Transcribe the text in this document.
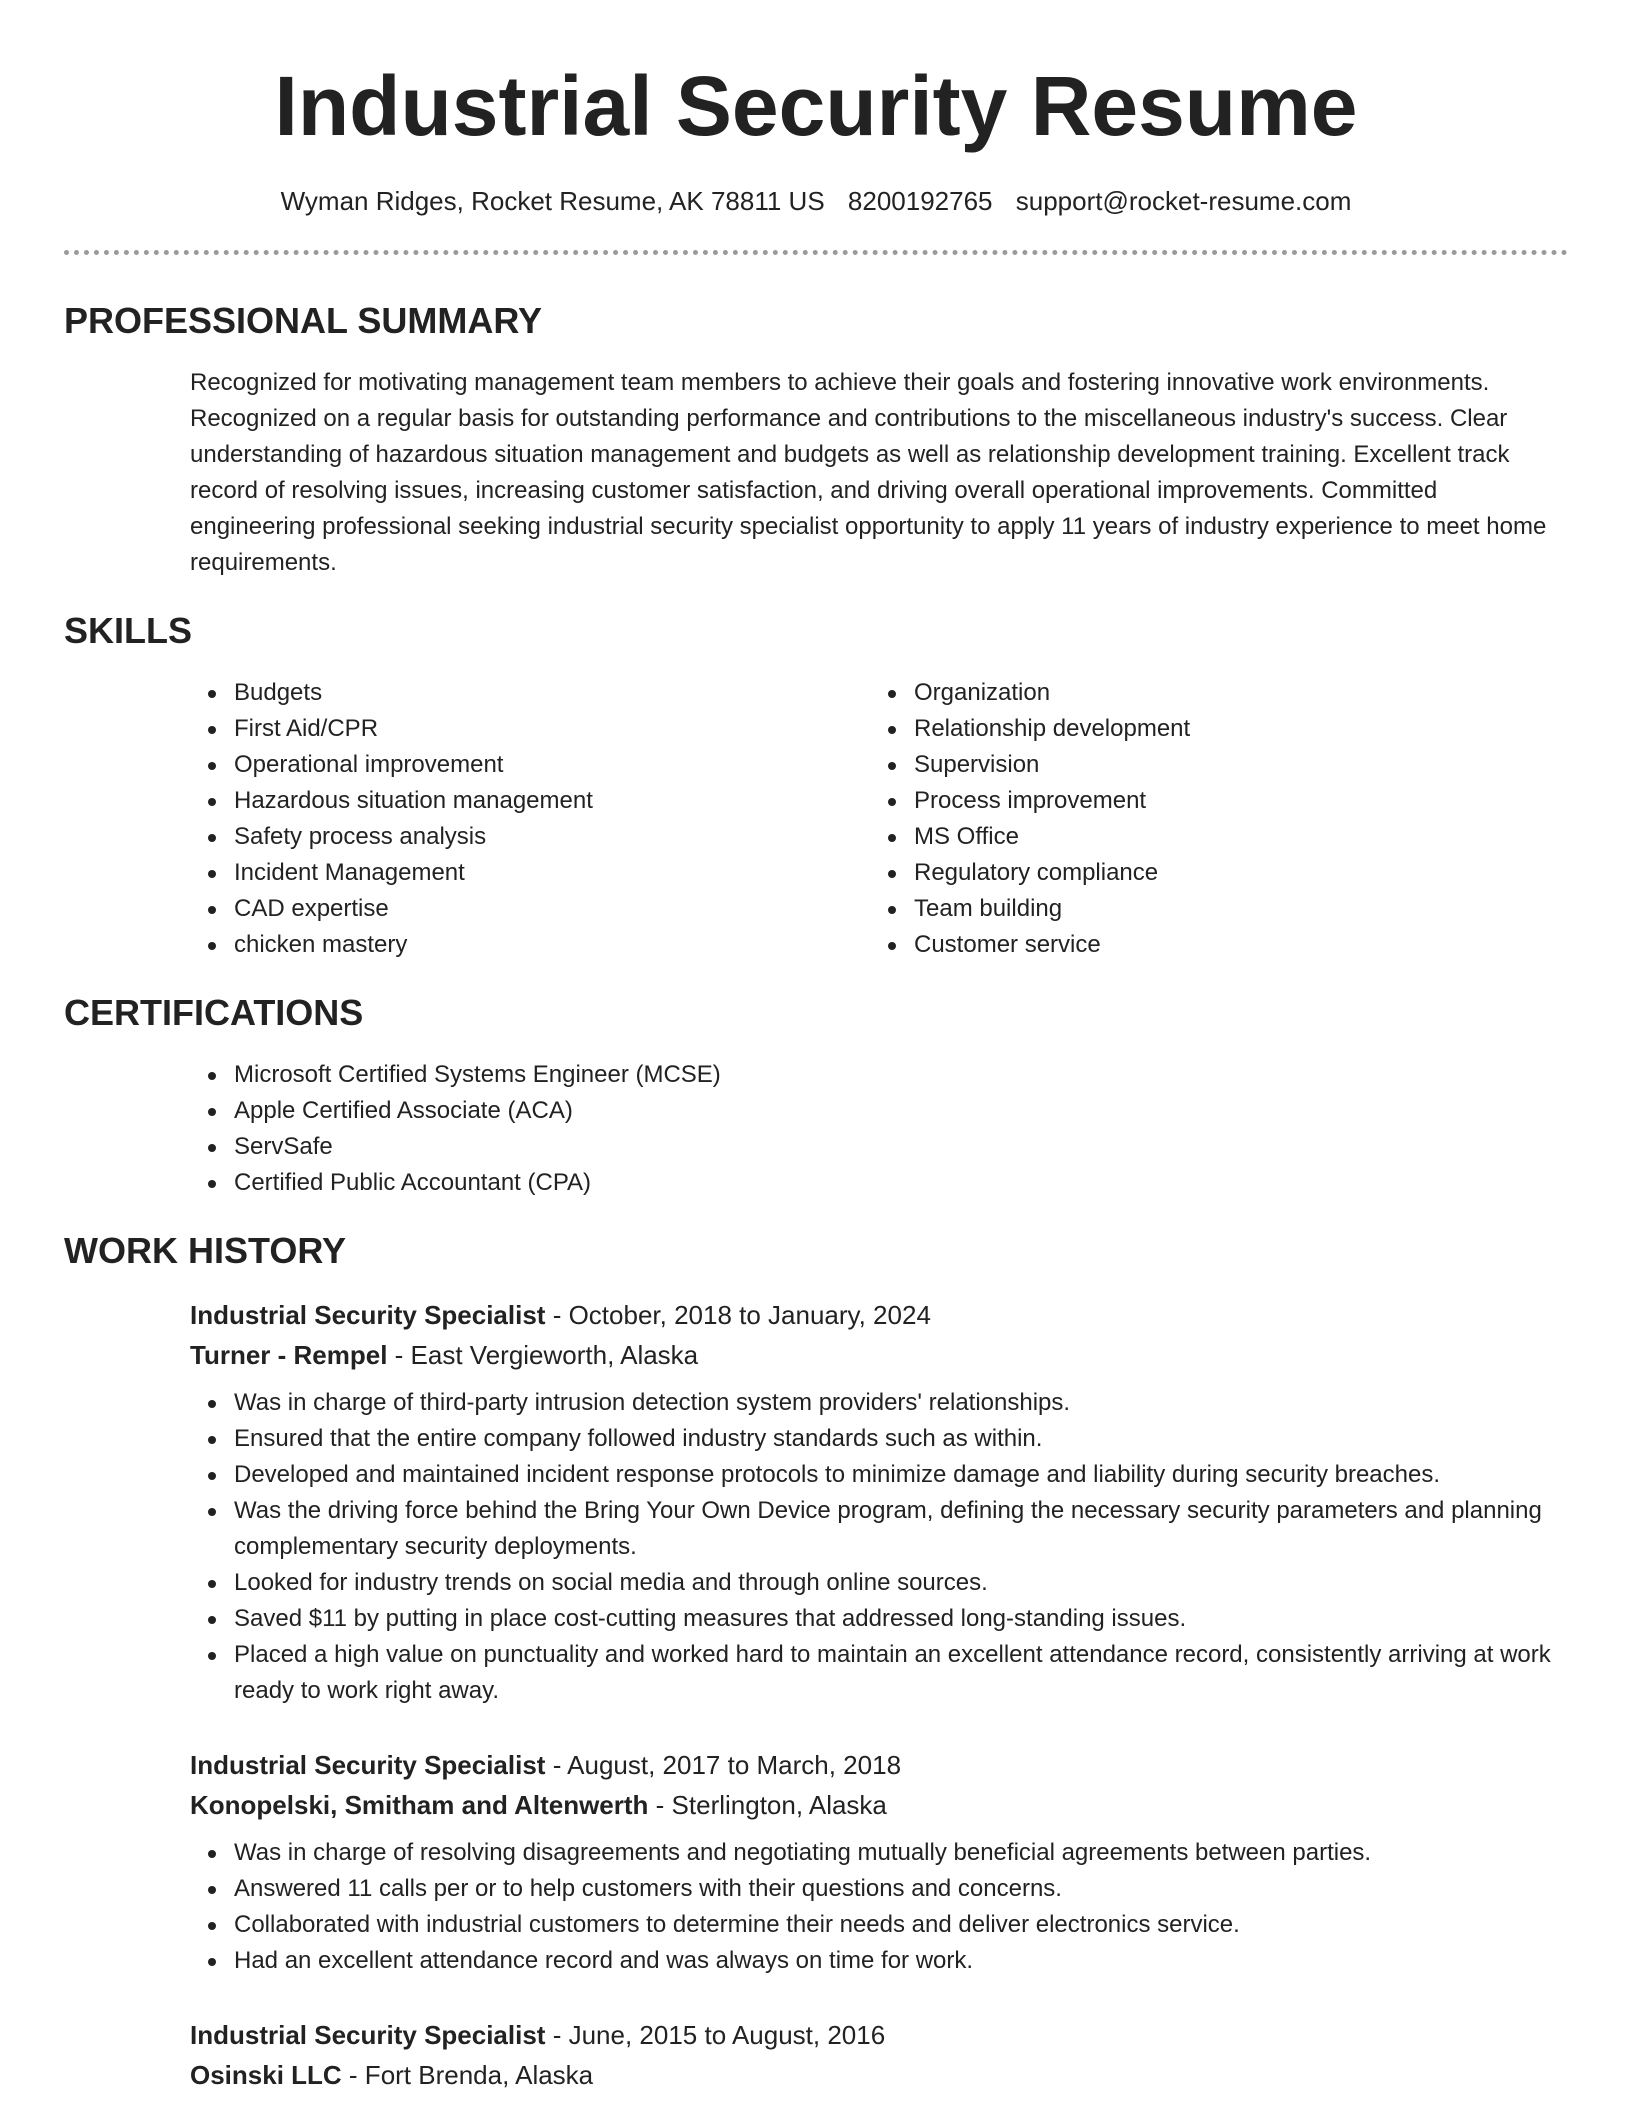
Industrial Security Resume
Wyman Ridges, Rocket Resume, AK 78811 US 8200192765 support@rocket-resume.com
PROFESSIONAL SUMMARY
Recognized for motivating management team members to achieve their goals and fostering innovative work environments. Recognized on a regular basis for outstanding performance and contributions to the miscellaneous industry's success. Clear understanding of hazardous situation management and budgets as well as relationship development training. Excellent track record of resolving issues, increasing customer satisfaction, and driving overall operational improvements. Committed engineering professional seeking industrial security specialist opportunity to apply 11 years of industry experience to meet home requirements.
SKILLS
Budgets
First Aid/CPR
Operational improvement
Hazardous situation management
Safety process analysis
Incident Management
CAD expertise
chicken mastery
Organization
Relationship development
Supervision
Process improvement
MS Office
Regulatory compliance
Team building
Customer service
CERTIFICATIONS
Microsoft Certified Systems Engineer (MCSE)
Apple Certified Associate (ACA)
ServSafe
Certified Public Accountant (CPA)
WORK HISTORY
Industrial Security Specialist - October, 2018 to January, 2024
Turner - Rempel - East Vergieworth, Alaska
Was in charge of third-party intrusion detection system providers' relationships.
Ensured that the entire company followed industry standards such as within.
Developed and maintained incident response protocols to minimize damage and liability during security breaches.
Was the driving force behind the Bring Your Own Device program, defining the necessary security parameters and planning complementary security deployments.
Looked for industry trends on social media and through online sources.
Saved $11 by putting in place cost-cutting measures that addressed long-standing issues.
Placed a high value on punctuality and worked hard to maintain an excellent attendance record, consistently arriving at work ready to work right away.
Industrial Security Specialist - August, 2017 to March, 2018
Konopelski, Smitham and Altenwerth - Sterlington, Alaska
Was in charge of resolving disagreements and negotiating mutually beneficial agreements between parties.
Answered 11 calls per or to help customers with their questions and concerns.
Collaborated with industrial customers to determine their needs and deliver electronics service.
Had an excellent attendance record and was always on time for work.
Industrial Security Specialist - June, 2015 to August, 2016
Osinski LLC - Fort Brenda, Alaska
